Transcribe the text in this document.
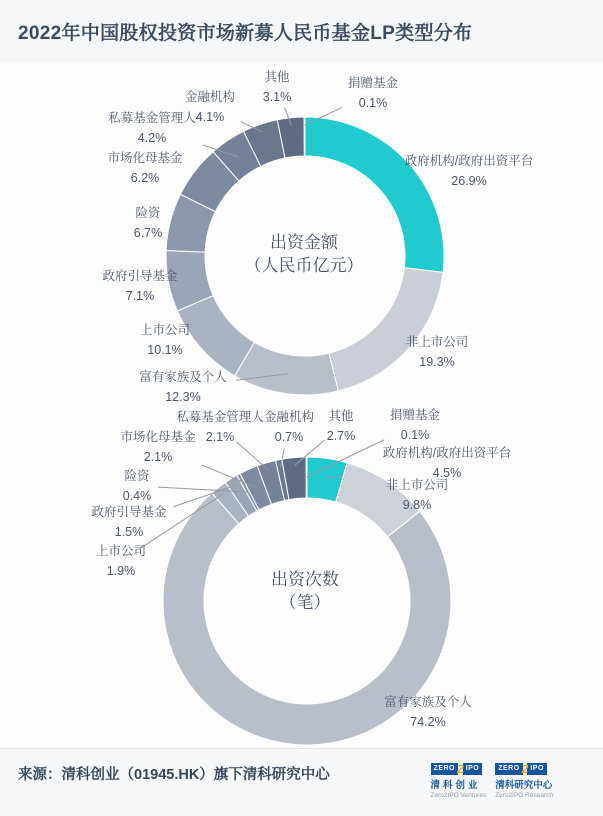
出资金额
（人民币亿元）
出资次数
（笔）
政府机构/政府出资平台
26.9%
非上市公司
19.3%
富有家族及个人
12.3%
上市公司
10.1%
政府引导基金
7.1%
险资
6.7%
市场化母基金
6.2%
私募基金管理人
4.2%
金融机构
4.1%
其他
3.1%
捐赠基金
0.1%
政府机构/政府出资平台
4.5%
非上市公司
9.8%
富有家族及个人
74.2%
上市公司
1.9%
政府引导基金
1.5%
险资
0.4%
市场化母基金
2.1%
私募基金管理人
2.1%
金融机构
0.7%
其他
2.7%
捐赠基金
0.1%
2022年中国股权投资市场新募人民币基金LP类型分布
来源：清科创业（01945.HK）旗下清科研究中心	ZERO 2 IPO
清科创业
Zero2IPO Ventures
ZERO 2 IPO
清科研究中心
Zero2IPO Research
